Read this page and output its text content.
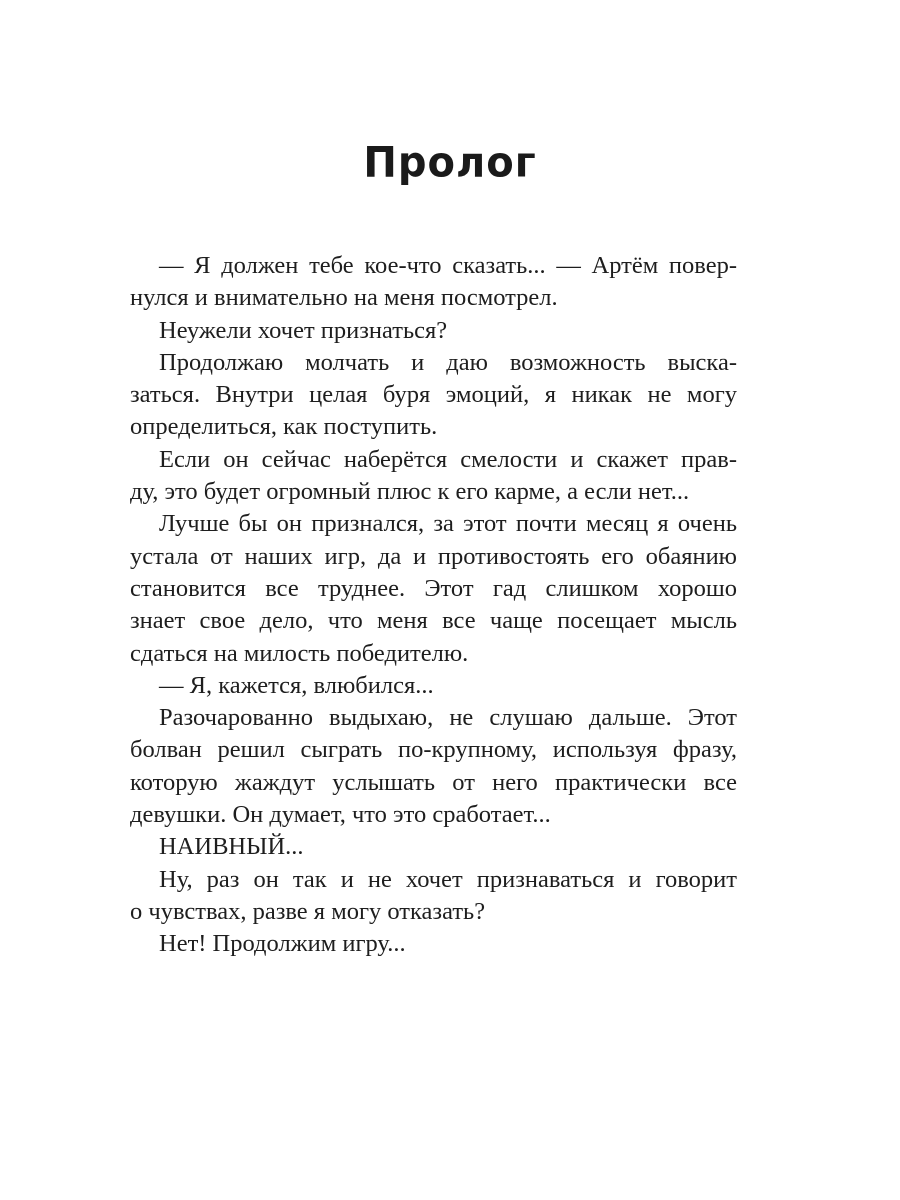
Пролог
— Я должен тебе кое-что сказать... — Артём повер-
нулся и внимательно на меня посмотрел.
Неужели хочет признаться?
Продолжаю молчать и даю возможность выска-
заться. Внутри целая буря эмоций, я никак не могу
определиться, как поступить.
Если он сейчас наберётся смелости и скажет прав-
ду, это будет огромный плюс к его карме, а если нет...
Лучше бы он признался, за этот почти месяц я очень
устала от наших игр, да и противостоять его обаянию
становится все труднее. Этот гад слишком хорошо
знает свое дело, что меня все чаще посещает мысль
сдаться на милость победителю.
— Я, кажется, влюбился...
Разочарованно выдыхаю, не слушаю дальше. Этот
болван решил сыграть по-крупному, используя фразу,
которую жаждут услышать от него практически все
девушки. Он думает, что это сработает...
НАИВНЫЙ...
Ну, раз он так и не хочет признаваться и говорит
о чувствах, разве я могу отказать?
Нет! Продолжим игру...
